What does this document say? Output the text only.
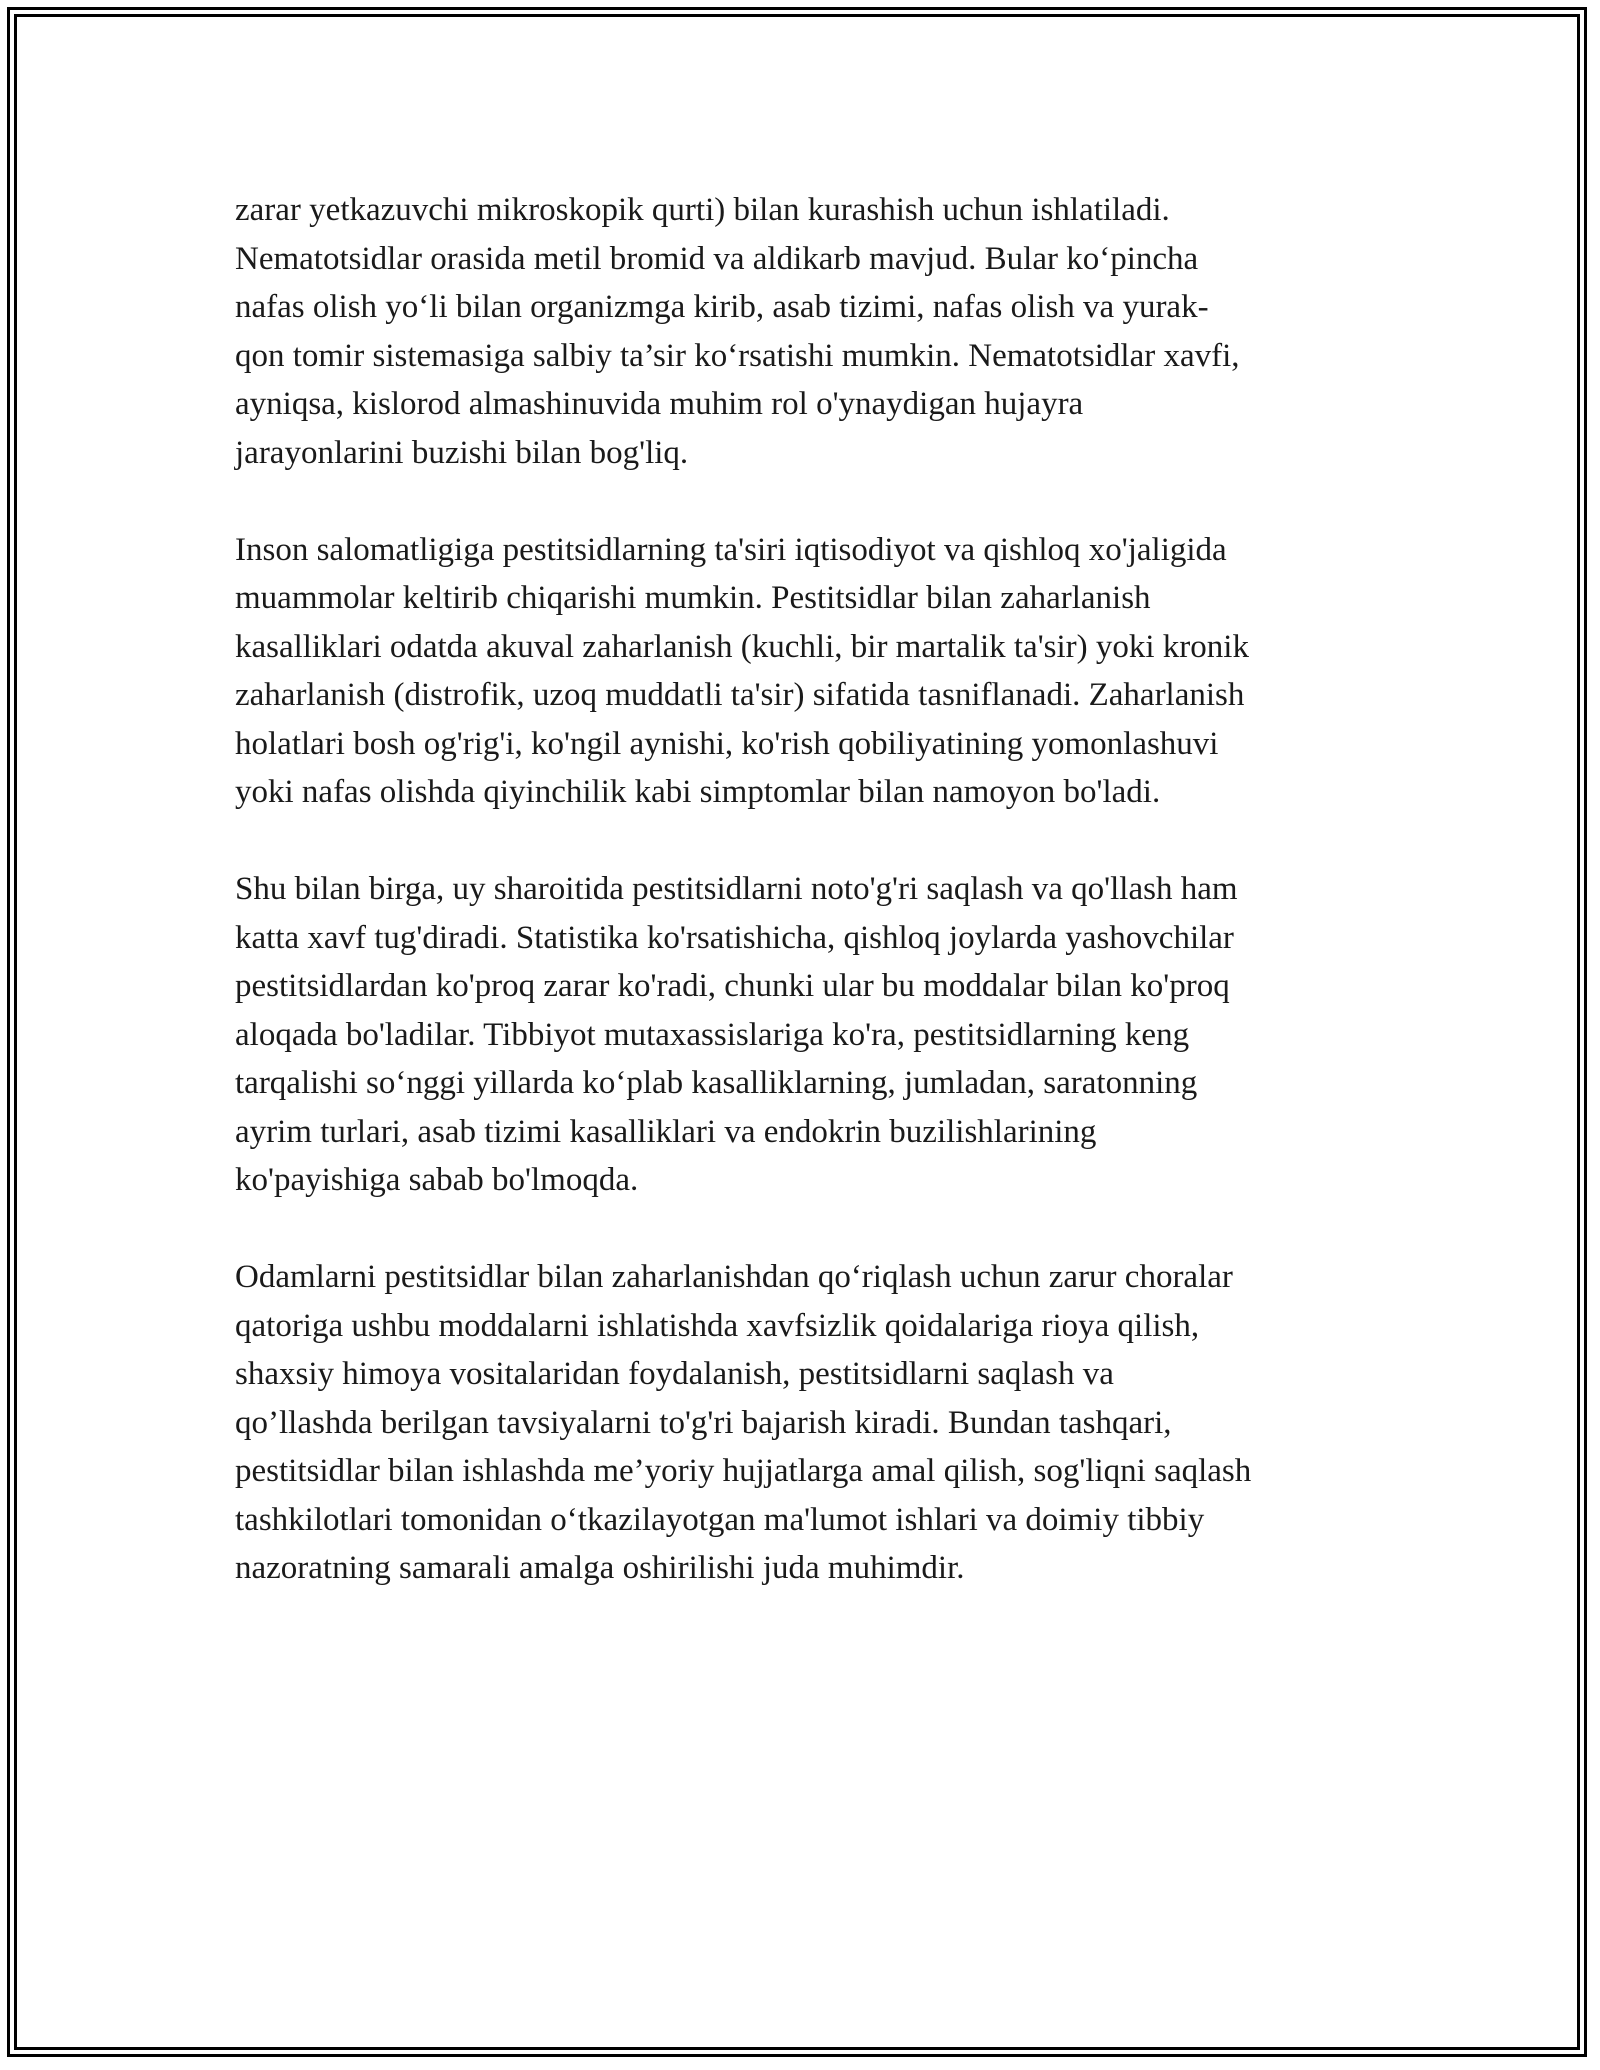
zarar yetkazuvchi mikroskopik qurti) bilan kurashish uchun ishlatiladi.
Nematotsidlar orasida metil bromid va aldikarb mavjud. Bular ko‘pincha
nafas olish yo‘li bilan organizmga kirib, asab tizimi, nafas olish va yurak-
qon tomir sistemasiga salbiy ta’sir ko‘rsatishi mumkin. Nematotsidlar xavfi,
ayniqsa, kislorod almashinuvida muhim rol o'ynaydigan hujayra
jarayonlarini buzishi bilan bog'liq.

Inson salomatligiga pestitsidlarning ta'siri iqtisodiyot va qishloq xo'jaligida
muammolar keltirib chiqarishi mumkin. Pestitsidlar bilan zaharlanish
kasalliklari odatda akuval zaharlanish (kuchli, bir martalik ta'sir) yoki kronik
zaharlanish (distrofik, uzoq muddatli ta'sir) sifatida tasniflanadi. Zaharlanish
holatlari bosh og'rig'i, ko'ngil aynishi, ko'rish qobiliyatining yomonlashuvi
yoki nafas olishda qiyinchilik kabi simptomlar bilan namoyon bo'ladi.

Shu bilan birga, uy sharoitida pestitsidlarni noto'g'ri saqlash va qo'llash ham
katta xavf tug'diradi. Statistika ko'rsatishicha, qishloq joylarda yashovchilar
pestitsidlardan ko'proq zarar ko'radi, chunki ular bu moddalar bilan ko'proq
aloqada bo'ladilar. Tibbiyot mutaxassislariga ko'ra, pestitsidlarning keng
tarqalishi so‘nggi yillarda ko‘plab kasalliklarning, jumladan, saratonning
ayrim turlari, asab tizimi kasalliklari va endokrin buzilishlarining
ko'payishiga sabab bo'lmoqda.

Odamlarni pestitsidlar bilan zaharlanishdan qo‘riqlash uchun zarur choralar
qatoriga ushbu moddalarni ishlatishda xavfsizlik qoidalariga rioya qilish,
shaxsiy himoya vositalaridan foydalanish, pestitsidlarni saqlash va
qo’llashda berilgan tavsiyalarni to'g'ri bajarish kiradi. Bundan tashqari,
pestitsidlar bilan ishlashda me’yoriy hujjatlarga amal qilish, sog'liqni saqlash
tashkilotlari tomonidan o‘tkazilayotgan ma'lumot ishlari va doimiy tibbiy
nazoratning samarali amalga oshirilishi juda muhimdir.
